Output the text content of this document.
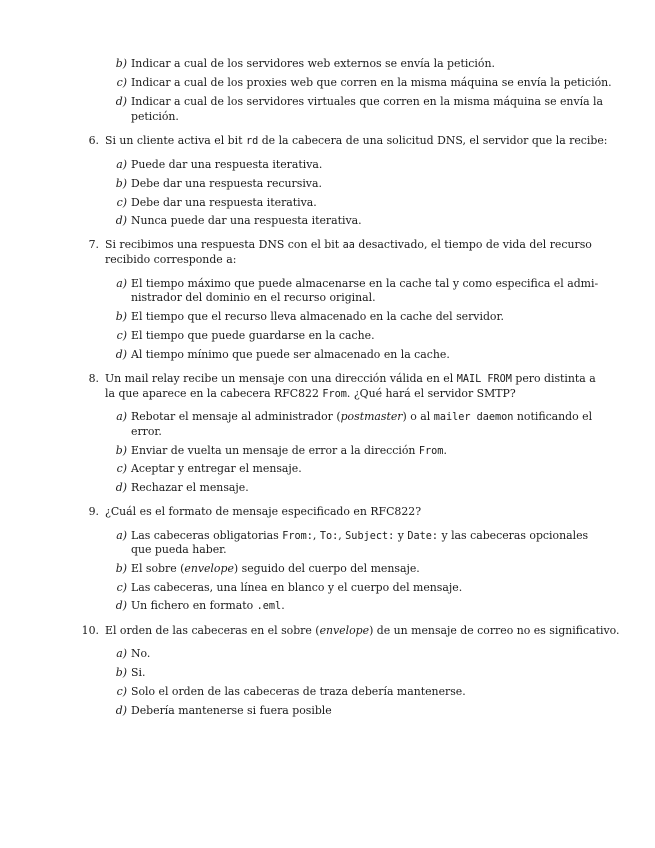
b) Indicar a cual de los servidores web externos se envía la petición.
c) Indicar a cual de los proxies web que corren en la misma máquina se envía la petición.
d) Indicar a cual de los servidores virtuales que corren en la misma máquina se envía la
petición.
6. Si un cliente activa el bit rd de la cabecera de una solicitud DNS, el servidor que la recibe:
a) Puede dar una respuesta iterativa.
b) Debe dar una respuesta recursiva.
c) Debe dar una respuesta iterativa.
d) Nunca puede dar una respuesta iterativa.
7. Si recibimos una respuesta DNS con el bit aa desactivado, el tiempo de vida del recurso
recibido corresponde a:
a) El tiempo máximo que puede almacenarse en la cache tal y como especifica el admi-
nistrador del dominio en el recurso original.
b) El tiempo que el recurso lleva almacenado en la cache del servidor.
c) El tiempo que puede guardarse en la cache.
d) Al tiempo mínimo que puede ser almacenado en la cache.
8. Un mail relay recibe un mensaje con una dirección válida en el MAIL FROM pero distinta a
la que aparece en la cabecera RFC822 From. ¿Qué hará el servidor SMTP?
a) Rebotar el mensaje al administrador (postmaster) o al mailer daemon notificando el
error.
b) Enviar de vuelta un mensaje de error a la dirección From.
c) Aceptar y entregar el mensaje.
d) Rechazar el mensaje.
9. ¿Cuál es el formato de mensaje especificado en RFC822?
a) Las cabeceras obligatorias From:, To:, Subject: y Date: y las cabeceras opcionales
que pueda haber.
b) El sobre (envelope) seguido del cuerpo del mensaje.
c) Las cabeceras, una línea en blanco y el cuerpo del mensaje.
d) Un fichero en formato .eml.
10. El orden de las cabeceras en el sobre (envelope) de un mensaje de correo no es significativo.
a) No.
b) Si.
c) Solo el orden de las cabeceras de traza debería mantenerse.
d) Debería mantenerse si fuera posible
